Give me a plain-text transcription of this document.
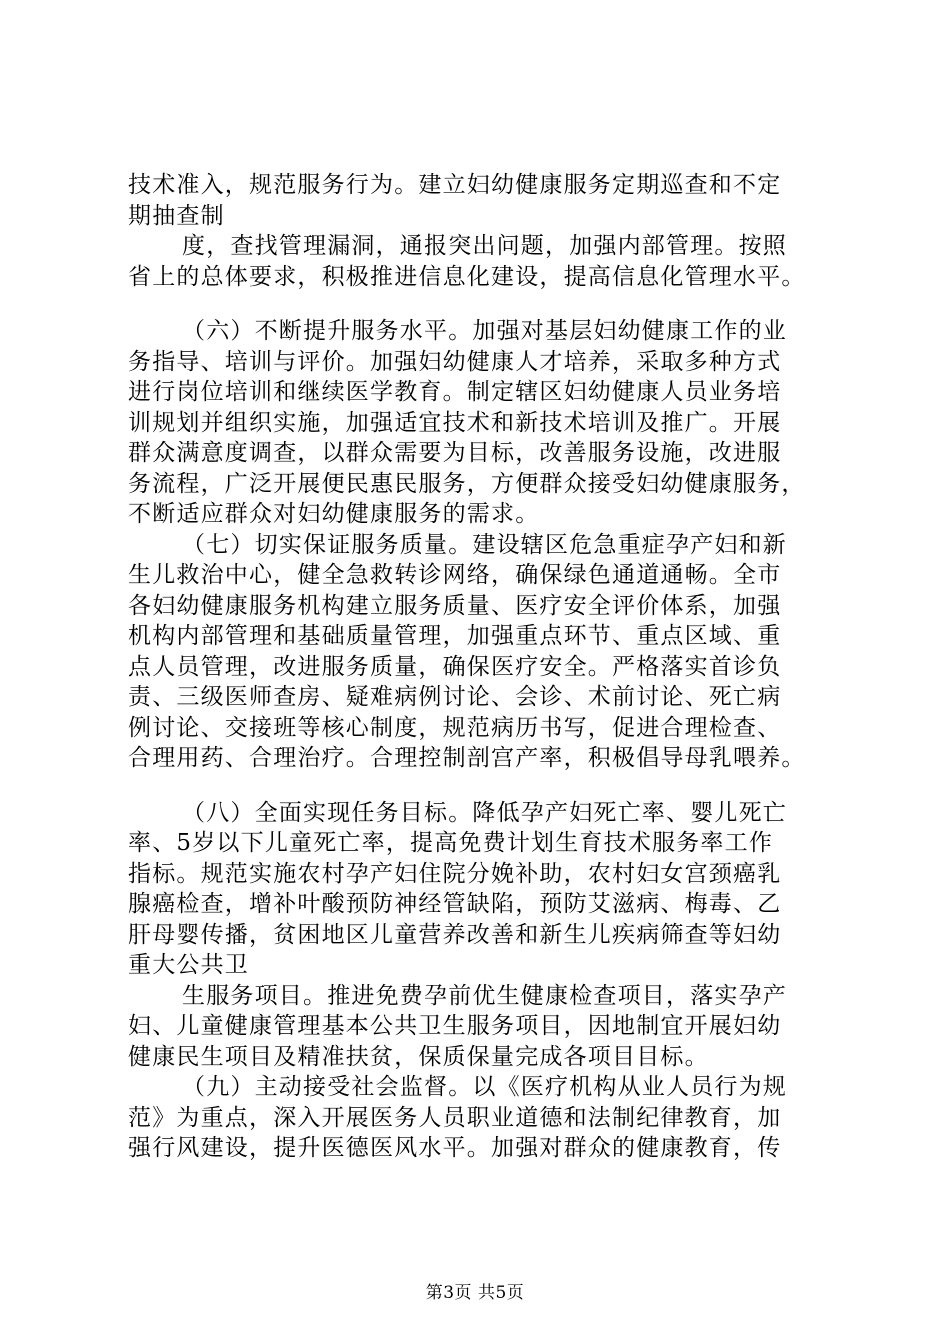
技术准入，规范服务行为。建立妇幼健康服务定期巡查和不定
期抽查制
度，查找管理漏洞，通报突出问题，加强内部管理。按照
省上的总体要求，积极推进信息化建设，提高信息化管理水平。
（六）不断提升服务水平。加强对基层妇幼健康工作的业
务指导、培训与评价。加强妇幼健康人才培养，采取多种方式
进行岗位培训和继续医学教育。制定辖区妇幼健康人员业务培
训规划并组织实施，加强适宜技术和新技术培训及推广。开展
群众满意度调查，以群众需要为目标，改善服务设施，改进服
务流程，广泛开展便民惠民服务，方便群众接受妇幼健康服务，
不断适应群众对妇幼健康服务的需求。
（七）切实保证服务质量。建设辖区危急重症孕产妇和新
生儿救治中心，健全急救转诊网络，确保绿色通道通畅。全市
各妇幼健康服务机构建立服务质量、医疗安全评价体系，加强
机构内部管理和基础质量管理，加强重点环节、重点区域、重
点人员管理，改进服务质量，确保医疗安全。严格落实首诊负
责、三级医师查房、疑难病例讨论、会诊、术前讨论、死亡病
例讨论、交接班等核心制度，规范病历书写，促进合理检查、
合理用药、合理治疗。合理控制剖宫产率，积极倡导母乳喂养。
（八）全面实现任务目标。降低孕产妇死亡率、婴儿死亡
率、5岁以下儿童死亡率，提高免费计划生育技术服务率工作
指标。规范实施农村孕产妇住院分娩补助，农村妇女宫颈癌乳
腺癌检查，增补叶酸预防神经管缺陷，预防艾滋病、梅毒、乙
肝母婴传播，贫困地区儿童营养改善和新生儿疾病筛查等妇幼
重大公共卫
生服务项目。推进免费孕前优生健康检查项目，落实孕产
妇、儿童健康管理基本公共卫生服务项目，因地制宜开展妇幼
健康民生项目及精准扶贫，保质保量完成各项目目标。
（九）主动接受社会监督。以《医疗机构从业人员行为规
范》为重点，深入开展医务人员职业道德和法制纪律教育，加
强行风建设，提升医德医风水平。加强对群众的健康教育，传
第3页 共5页
